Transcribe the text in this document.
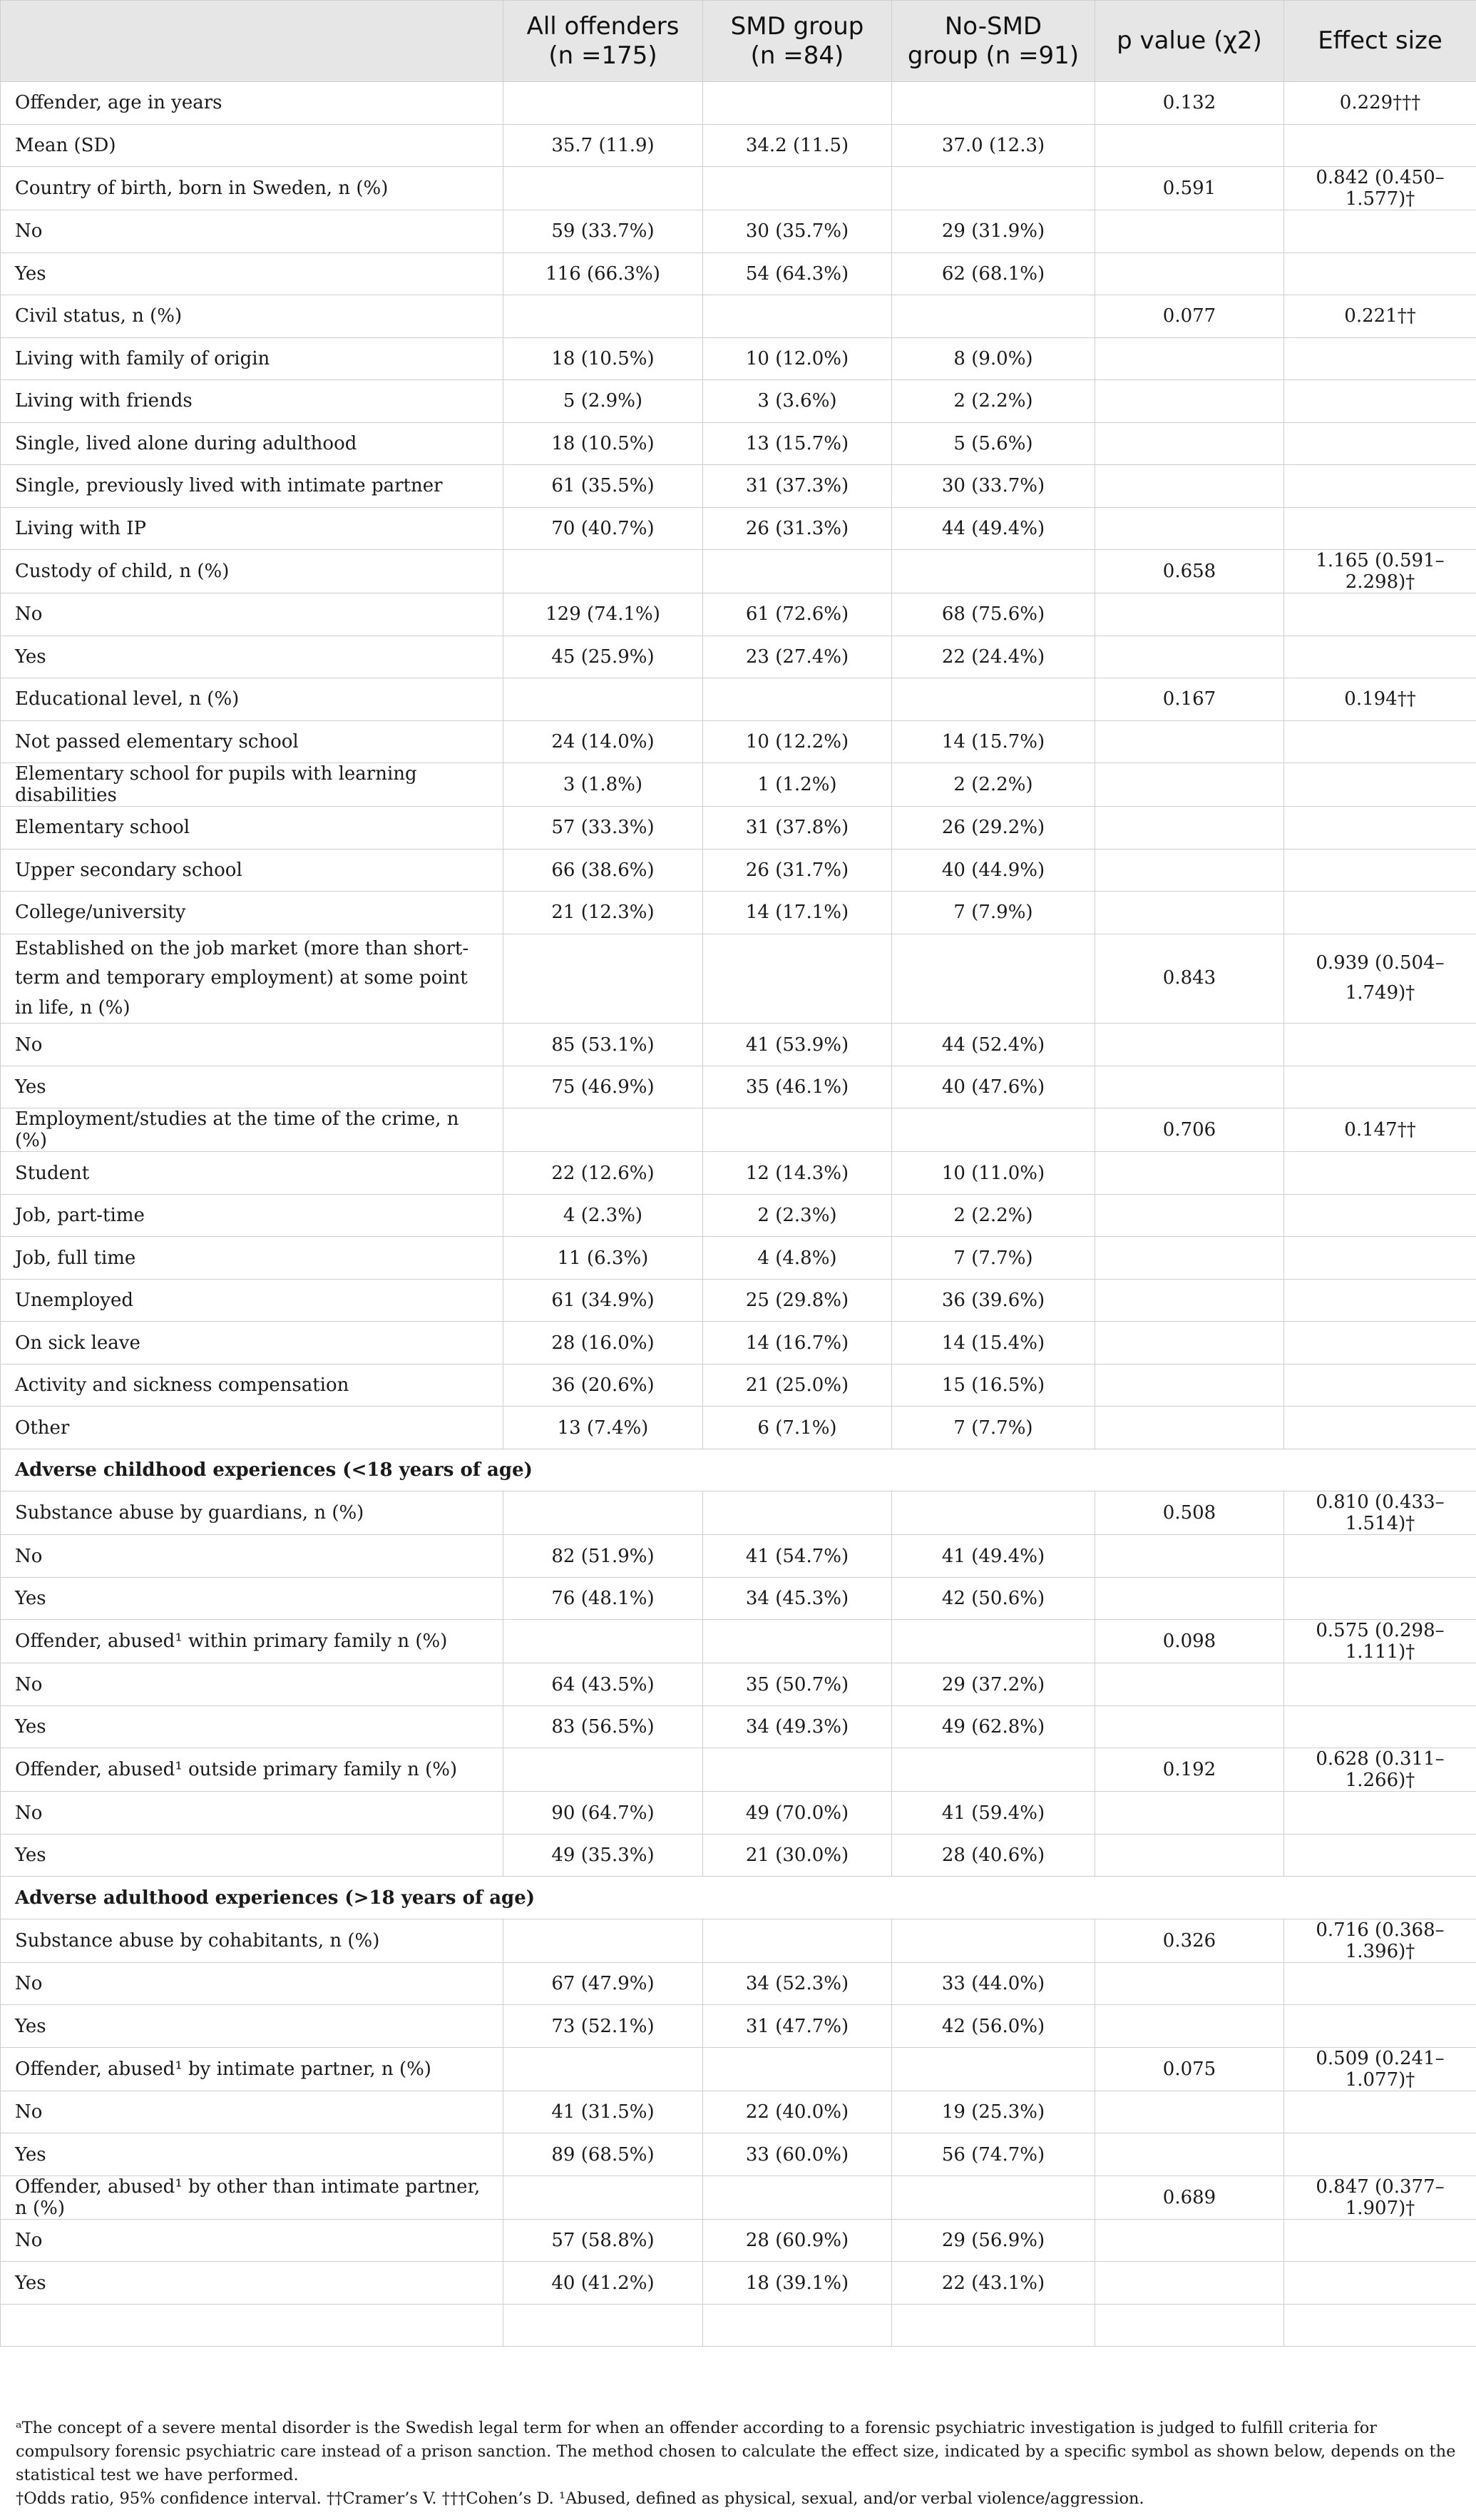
	All offenders (n =175)	SMD group (n =84)	No-SMD group (n =91)	p value (χ2)	Effect size
Offender, age in years				0.132	0.229†††
Mean (SD)	35.7 (11.9)	34.2 (11.5)	37.0 (12.3)		
Country of birth, born in Sweden, n (%)				0.591	0.842 (0.450–1.577)†
No	59 (33.7%)	30 (35.7%)	29 (31.9%)		
Yes	116 (66.3%)	54 (64.3%)	62 (68.1%)		
Civil status, n (%)				0.077	0.221††
Living with family of origin	18 (10.5%)	10 (12.0%)	8 (9.0%)		
Living with friends	5 (2.9%)	3 (3.6%)	2 (2.2%)		
Single, lived alone during adulthood	18 (10.5%)	13 (15.7%)	5 (5.6%)		
Single, previously lived with intimate partner	61 (35.5%)	31 (37.3%)	30 (33.7%)		
Living with IP	70 (40.7%)	26 (31.3%)	44 (49.4%)		
Custody of child, n (%)				0.658	1.165 (0.591–2.298)†
No	129 (74.1%)	61 (72.6%)	68 (75.6%)		
Yes	45 (25.9%)	23 (27.4%)	22 (24.4%)		
Educational level, n (%)				0.167	0.194††
Not passed elementary school	24 (14.0%)	10 (12.2%)	14 (15.7%)		
Elementary school for pupils with learning disabilities	3 (1.8%)	1 (1.2%)	2 (2.2%)		
Elementary school	57 (33.3%)	31 (37.8%)	26 (29.2%)		
Upper secondary school	66 (38.6%)	26 (31.7%)	40 (44.9%)		
College/university	21 (12.3%)	14 (17.1%)	7 (7.9%)		
Established on the job market (more than short-term and temporary employment) at some point in life, n (%)				0.843	0.939 (0.504–1.749)†
No	85 (53.1%)	41 (53.9%)	44 (52.4%)		
Yes	75 (46.9%)	35 (46.1%)	40 (47.6%)		
Employment/studies at the time of the crime, n (%)				0.706	0.147††
Student	22 (12.6%)	12 (14.3%)	10 (11.0%)		
Job, part-time	4 (2.3%)	2 (2.3%)	2 (2.2%)		
Job, full time	11 (6.3%)	4 (4.8%)	7 (7.7%)		
Unemployed	61 (34.9%)	25 (29.8%)	36 (39.6%)		
On sick leave	28 (16.0%)	14 (16.7%)	14 (15.4%)		
Activity and sickness compensation	36 (20.6%)	21 (25.0%)	15 (16.5%)		
Other	13 (7.4%)	6 (7.1%)	7 (7.7%)		
Adverse childhood experiences (<18 years of age)					
Substance abuse by guardians, n (%)				0.508	0.810 (0.433–1.514)†
No	82 (51.9%)	41 (54.7%)	41 (49.4%)		
Yes	76 (48.1%)	34 (45.3%)	42 (50.6%)		
Offender, abused¹ within primary family n (%)				0.098	0.575 (0.298–1.111)†
No	64 (43.5%)	35 (50.7%)	29 (37.2%)		
Yes	83 (56.5%)	34 (49.3%)	49 (62.8%)		
Offender, abused¹ outside primary family n (%)				0.192	0.628 (0.311–1.266)†
No	90 (64.7%)	49 (70.0%)	41 (59.4%)		
Yes	49 (35.3%)	21 (30.0%)	28 (40.6%)		
Adverse adulthood experiences (>18 years of age)					
Substance abuse by cohabitants, n (%)				0.326	0.716 (0.368–1.396)†
No	67 (47.9%)	34 (52.3%)	33 (44.0%)		
Yes	73 (52.1%)	31 (47.7%)	42 (56.0%)		
Offender, abused¹ by intimate partner, n (%)				0.075	0.509 (0.241–1.077)†
No	41 (31.5%)	22 (40.0%)	19 (25.3%)		
Yes	89 (68.5%)	33 (60.0%)	56 (74.7%)		
Offender, abused¹ by other than intimate partner, n (%)				0.689	0.847 (0.377–1.907)†
No	57 (58.8%)	28 (60.9%)	29 (56.9%)		
Yes	40 (41.2%)	18 (39.1%)	22 (43.1%)		

ᵃThe concept of a severe mental disorder is the Swedish legal term for when an offender according to a forensic psychiatric investigation is judged to fulfill criteria for compulsory forensic psychiatric care instead of a prison sanction. The method chosen to calculate the effect size, indicated by a specific symbol as shown below, depends on the statistical test we have performed.

†Odds ratio, 95% confidence interval. ††Cramer’s V. †††Cohen’s D. ¹Abused, defined as physical, sexual, and/or verbal violence/aggression.
